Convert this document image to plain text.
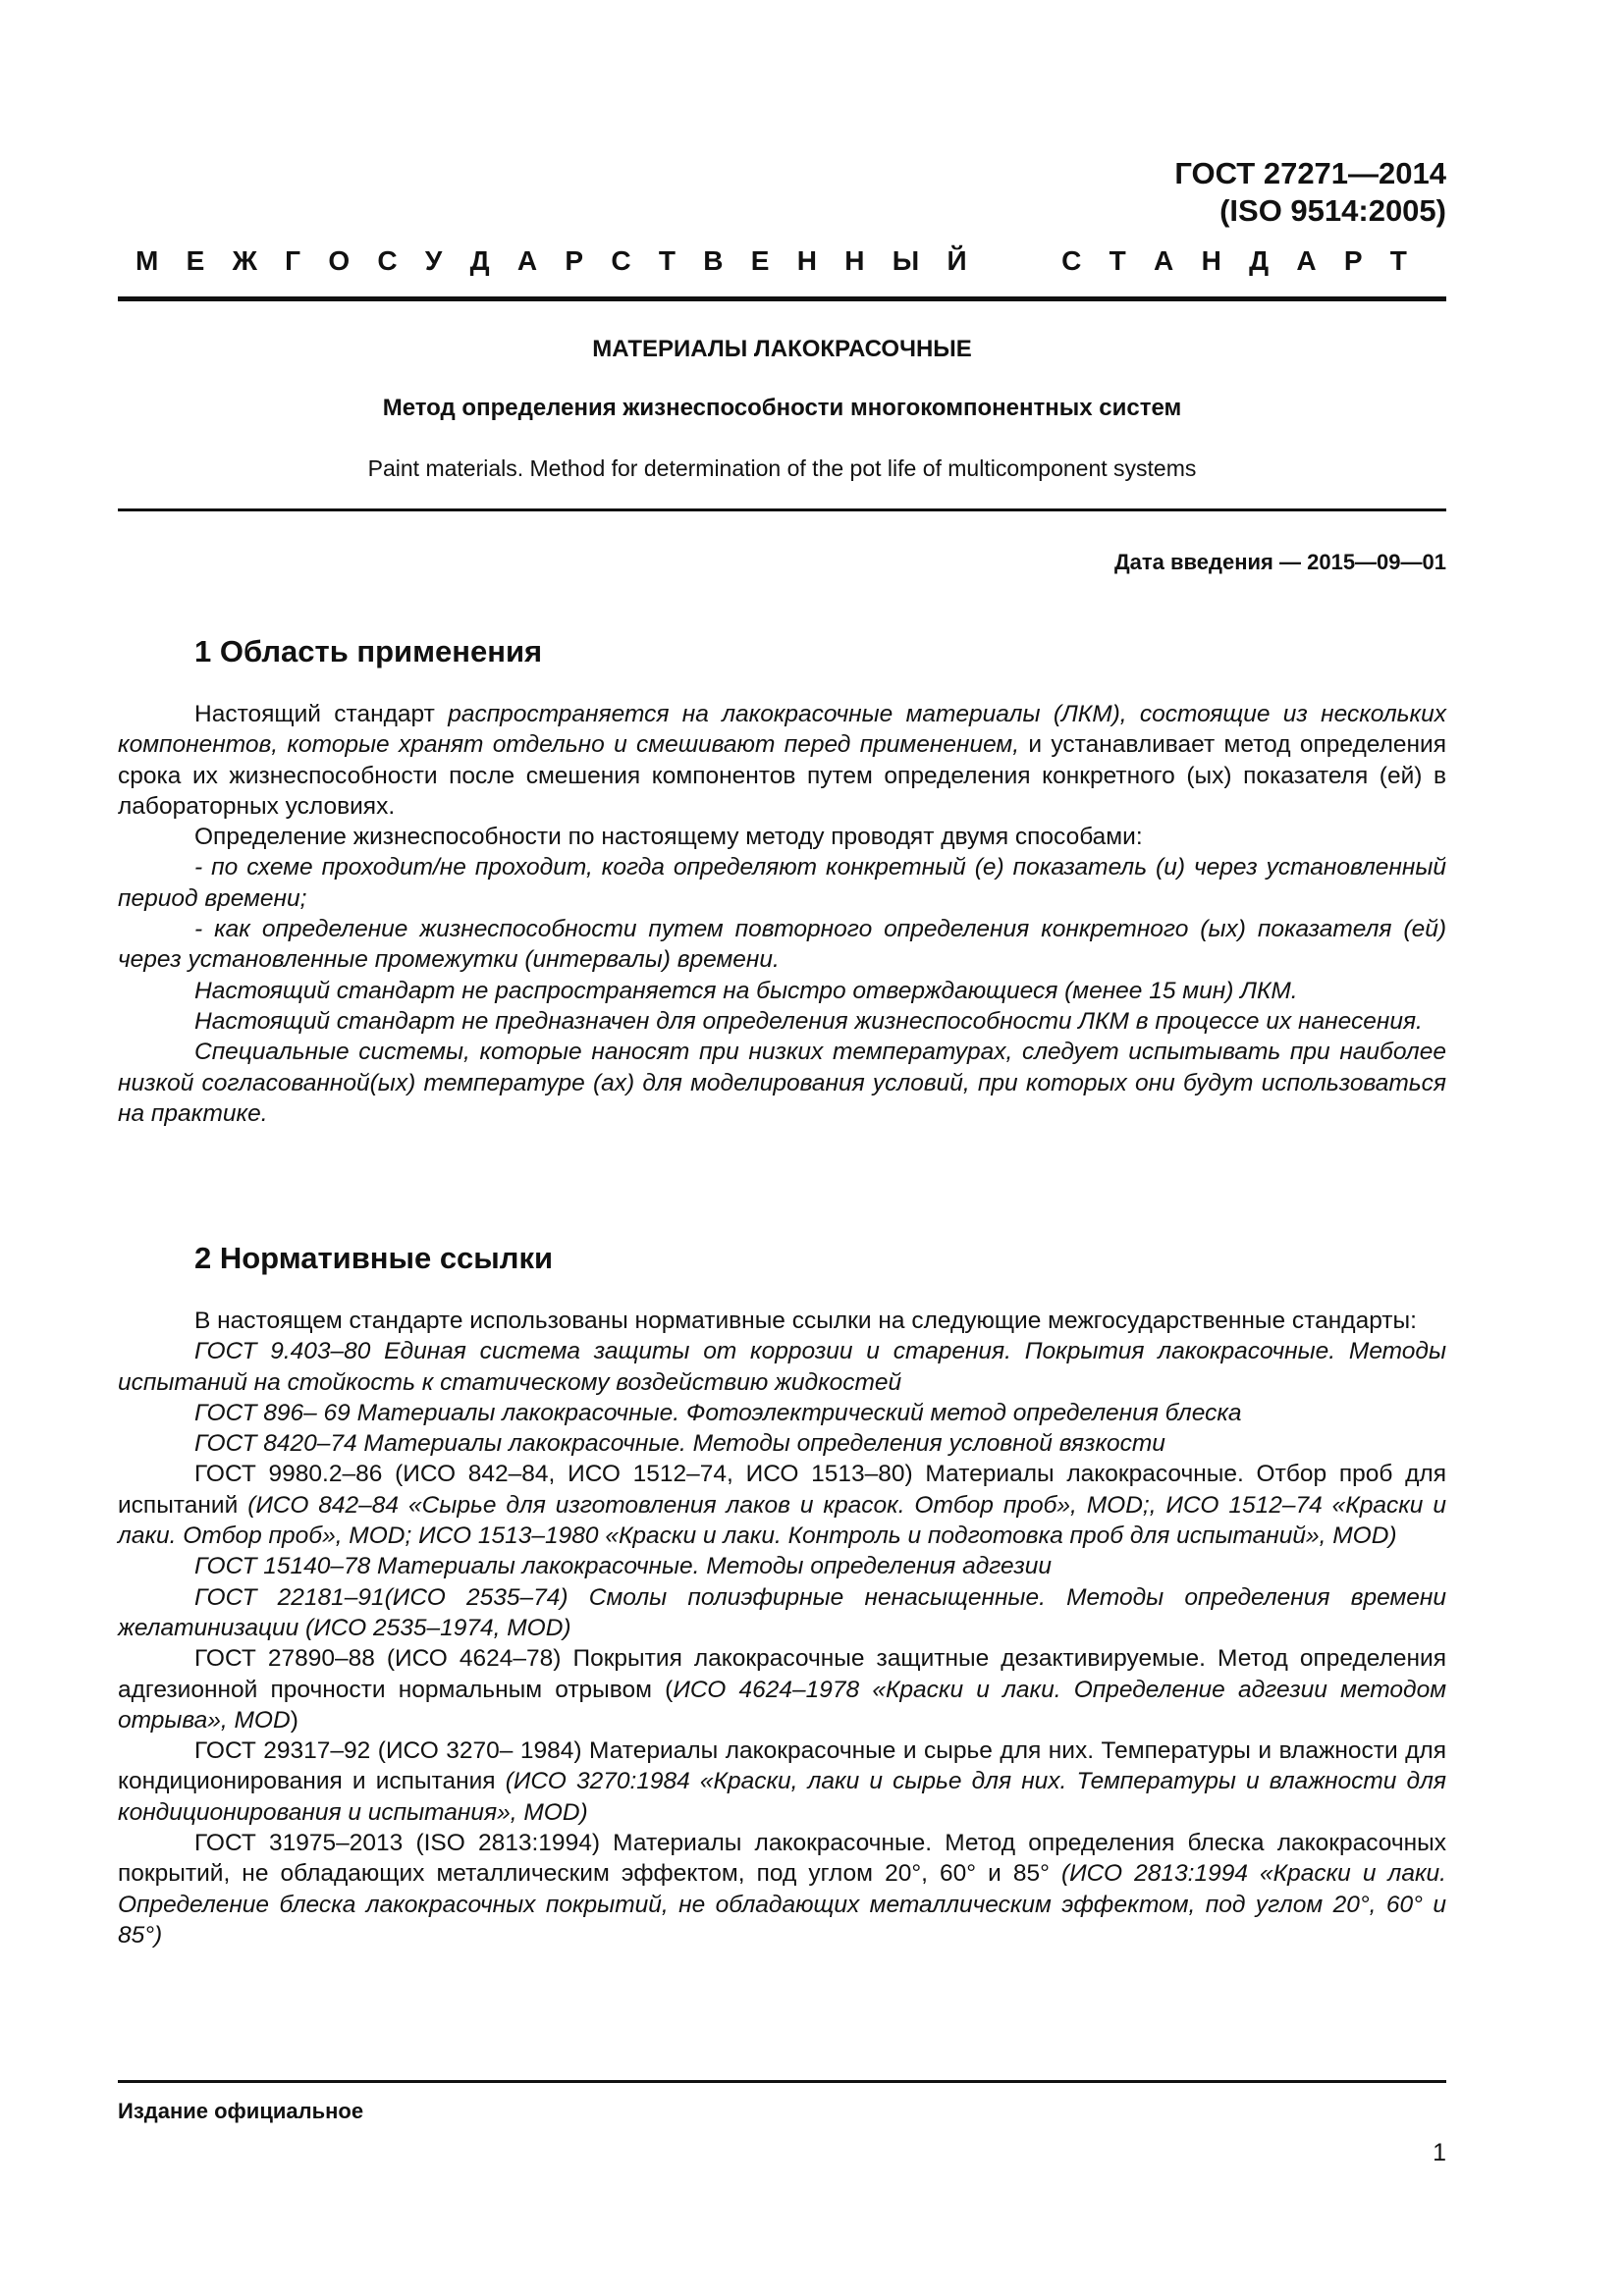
ГОСТ 27271—2014
(ISO 9514:2005)
М Е Ж Г О С У Д А Р С Т В Е Н Н Ы Й	С Т А Н Д А Р Т
МАТЕРИАЛЫ ЛАКОКРАСОЧНЫЕ
Метод определения жизнеспособности многокомпонентных систем
Paint materials. Method for determination of the pot life of multicomponent systems
Дата введения — 2015—09—01
1 Область применения

Настоящий стандарт распространяется на лакокрасочные материалы (ЛКМ), состоящие из нескольких компонентов, которые хранят отдельно и смешивают перед применением, и устанавливает метод определения срока их жизнеспособности после смешения компонентов путем определения конкретного (ых) показателя (ей) в лабораторных условиях.

Определение жизнеспособности по настоящему методу проводят двумя способами:

- по схеме проходит/не проходит, когда определяют конкретный (е) показатель (и) через установленный период времени;

- как определение жизнеспособности путем повторного определения конкретного (ых) показателя (ей) через установленные промежутки (интервалы) времени.

Настоящий стандарт не распространяется на быстро отверждающиеся (менее 15 мин) ЛКМ.

Настоящий стандарт не предназначен для определения жизнеспособности ЛКМ в процессе их нанесения.

Специальные системы, которые наносят при низких температурах, следует испытывать при наиболее низкой согласованной(ых) температуре (ах) для моделирования условий, при которых они будут использоваться на практике.

2 Нормативные ссылки

В настоящем стандарте использованы нормативные ссылки на следующие межгосударственные стандарты:

ГОСТ 9.403–80 Единая система защиты от коррозии и старения. Покрытия лакокрасочные. Методы испытаний на стойкость к статическому воздействию жидкостей

ГОСТ 896– 69 Материалы лакокрасочные. Фотоэлектрический метод определения блеска

ГОСТ 8420–74 Материалы лакокрасочные. Методы определения условной вязкости

ГОСТ 9980.2–86 (ИСО 842–84, ИСО 1512–74, ИСО 1513–80) Материалы лакокрасочные. Отбор проб для испытаний (ИСО 842–84 «Сырье для изготовления лаков и красок. Отбор проб», MOD;, ИСО 1512–74 «Краски и лаки. Отбор проб», MOD; ИСО 1513–1980 «Краски и лаки. Контроль и подготовка проб для испытаний», MOD)

ГОСТ 15140–78 Материалы лакокрасочные. Методы определения адгезии

ГОСТ 22181–91(ИСО 2535–74) Смолы полиэфирные ненасыщенные. Методы определения времени желатинизации (ИСО 2535–1974, MOD)

ГОСТ 27890–88 (ИСО 4624–78) Покрытия лакокрасочные защитные дезактивируемые. Метод определения адгезионной прочности нормальным отрывом (ИСО 4624–1978 «Краски и лаки. Определение адгезии методом отрыва», MOD)

ГОСТ 29317–92 (ИСО 3270– 1984) Материалы лакокрасочные и сырье для них. Температуры и влажности для кондиционирования и испытания (ИСО 3270:1984 «Краски, лаки и сырье для них. Температуры и влажности для кондиционирования и испытания», MOD)

ГОСТ 31975–2013 (ISO 2813:1994) Материалы лакокрасочные. Метод определения блеска лакокрасочных покрытий, не обладающих металлическим эффектом, под углом 20°, 60° и 85° (ИСО 2813:1994 «Краски и лаки. Определение блеска лакокрасочных покрытий, не обладающих металлическим эффектом, под углом 20°, 60° и 85°)

Издание официальное
1
